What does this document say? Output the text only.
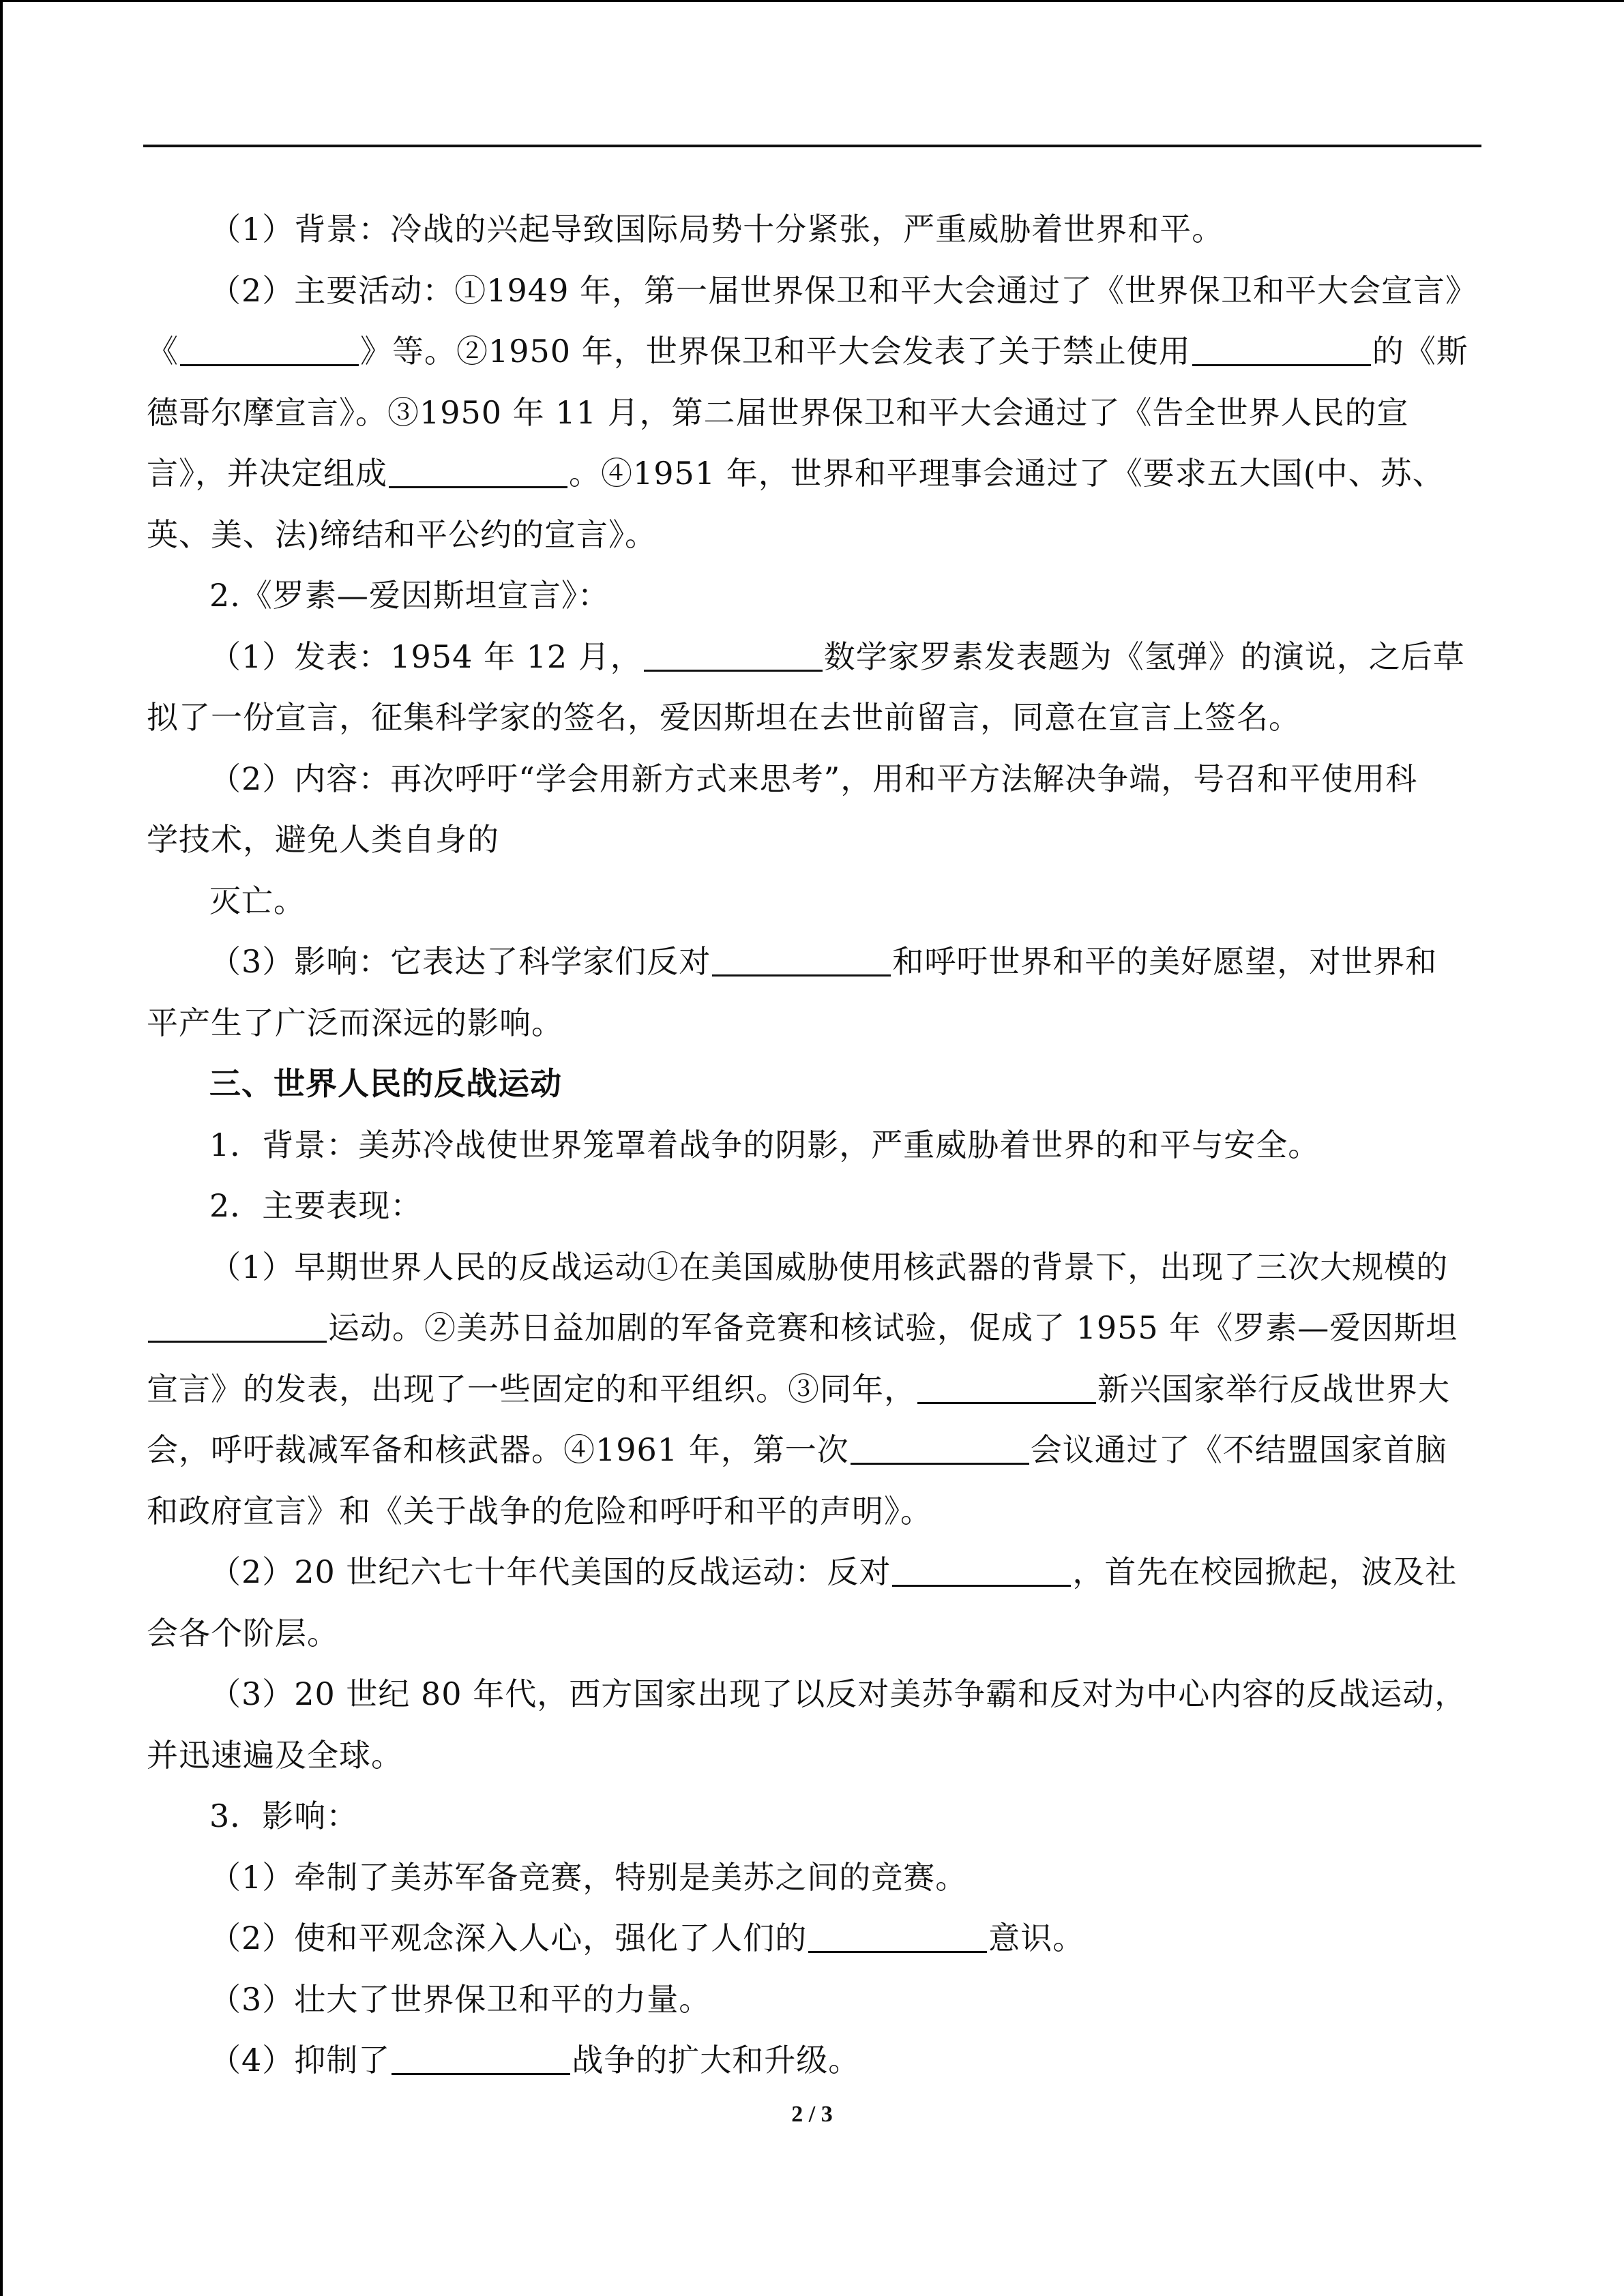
（1）背景：冷战的兴起导致国际局势十分紧张，严重威胁着世界和平。

（2）主要活动：①1949 年，第一届世界保卫和平大会通过了《世界保卫和平大会宣言》

《	》等。②1950 年，世界保卫和平大会发表了关于禁止使用	的《斯

德哥尔摩宣言》。③1950 年 11 月，第二届世界保卫和平大会通过了《告全世界人民的宣

言》，并决定组成	。④1951 年，世界和平理事会通过了《要求五大国(中、苏、

英、美、法)缔结和平公约的宣言》。

2.《罗素—爱因斯坦宣言》：

（1）发表：1954 年 12 月，	数学家罗素发表题为《氢弹》的演说，之后草

拟了一份宣言，征集科学家的签名，爱因斯坦在去世前留言，同意在宣言上签名。

（2）内容：再次呼吁“学会用新方式来思考”，用和平方法解决争端，号召和平使用科

学技术，避免人类自身的

灭亡。

（3）影响：它表达了科学家们反对	和呼吁世界和平的美好愿望，对世界和

平产生了广泛而深远的影响。

三、世界人民的反战运动

1．背景：美苏冷战使世界笼罩着战争的阴影，严重威胁着世界的和平与安全。

2．主要表现：

（1）早期世界人民的反战运动①在美国威胁使用核武器的背景下，出现了三次大规模的

运动。②美苏日益加剧的军备竞赛和核试验，促成了 1955 年《罗素—爱因斯坦

宣言》的发表，出现了一些固定的和平组织。③同年，	新兴国家举行反战世界大

会，呼吁裁减军备和核武器。④1961 年，第一次	会议通过了《不结盟国家首脑

和政府宣言》和《关于战争的危险和呼吁和平的声明》。

（2）20 世纪六七十年代美国的反战运动：反对	，首先在校园掀起，波及社

会各个阶层。

（3）20 世纪 80 年代，西方国家出现了以反对美苏争霸和反对为中心内容的反战运动，

并迅速遍及全球。

3．影响：

（1）牵制了美苏军备竞赛，特别是美苏之间的竞赛。

（2）使和平观念深入人心，强化了人们的	意识。

（3）壮大了世界保卫和平的力量。

（4）抑制了	战争的扩大和升级。

2 / 3
